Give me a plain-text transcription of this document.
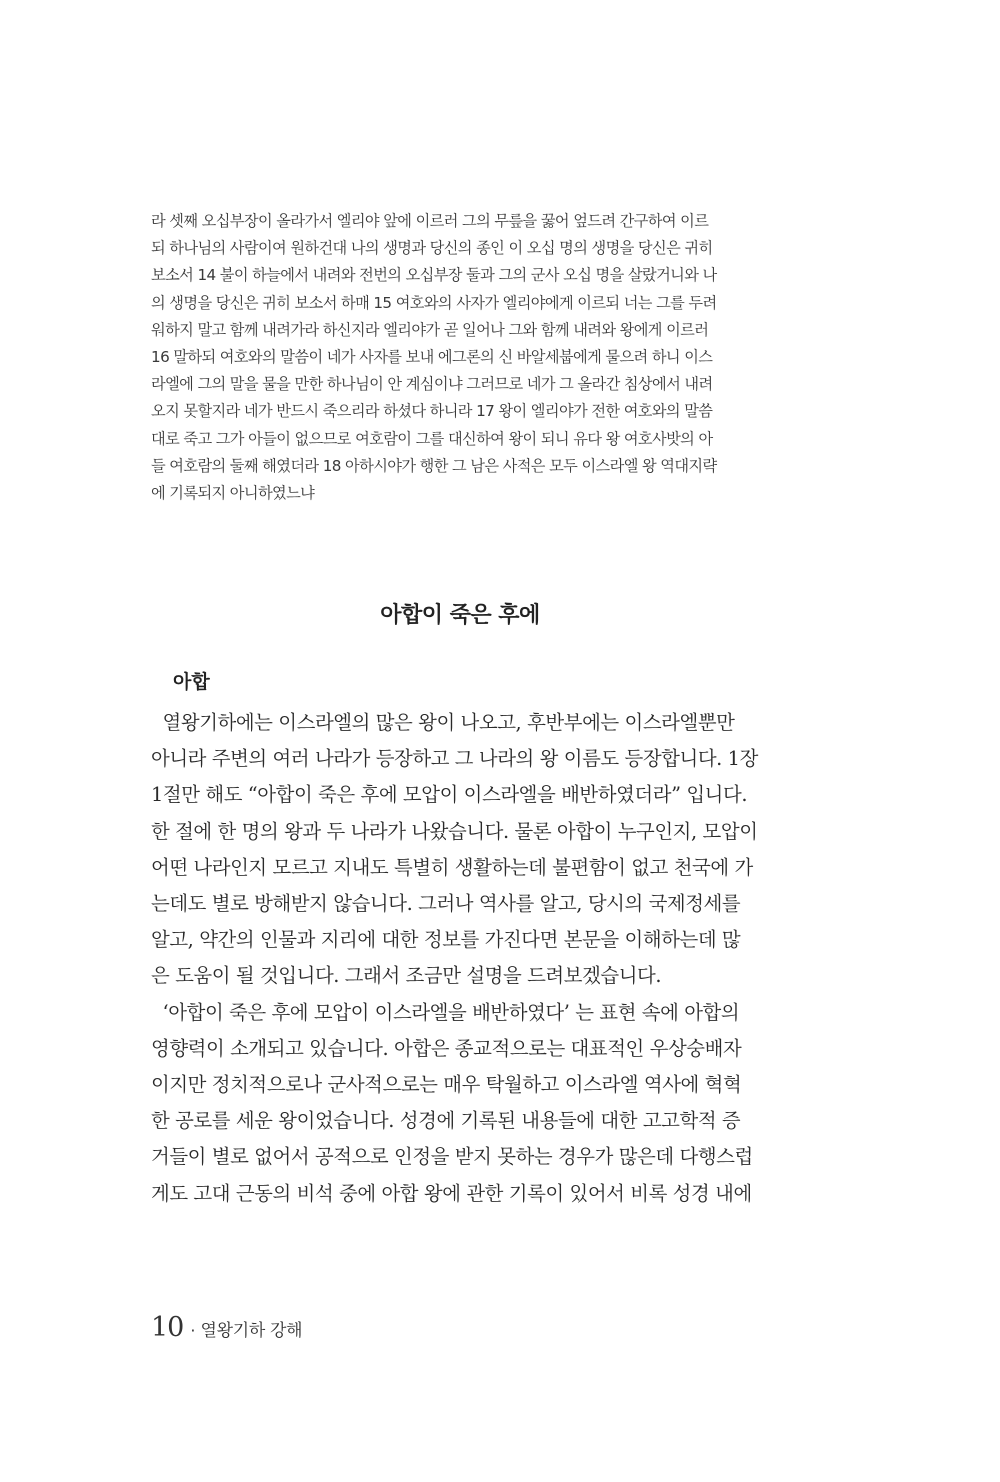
라 셋째 오십부장이 올라가서 엘리야 앞에 이르러 그의 무릎을 꿇어 엎드려 간구하여 이르
되 하나님의 사람이여 원하건대 나의 생명과 당신의 종인 이 오십 명의 생명을 당신은 귀히
보소서 14 불이 하늘에서 내려와 전번의 오십부장 둘과 그의 군사 오십 명을 살랐거니와 나
의 생명을 당신은 귀히 보소서 하매 15 여호와의 사자가 엘리야에게 이르되 너는 그를 두려
워하지 말고 함께 내려가라 하신지라 엘리야가 곧 일어나 그와 함께 내려와 왕에게 이르러
16 말하되 여호와의 말씀이 네가 사자를 보내 에그론의 신 바알세붑에게 물으려 하니 이스
라엘에 그의 말을 물을 만한 하나님이 안 계심이냐 그러므로 네가 그 올라간 침상에서 내려
오지 못할지라 네가 반드시 죽으리라 하셨다 하니라 17 왕이 엘리야가 전한 여호와의 말씀
대로 죽고 그가 아들이 없으므로 여호람이 그를 대신하여 왕이 되니 유다 왕 여호사밧의 아
들 여호람의 둘째 해였더라 18 아하시야가 행한 그 남은 사적은 모두 이스라엘 왕 역대지략
에 기록되지 아니하였느냐
아합이 죽은 후에
아합
열왕기하에는 이스라엘의 많은 왕이 나오고, 후반부에는 이스라엘뿐만
아니라 주변의 여러 나라가 등장하고 그 나라의 왕 이름도 등장합니다. 1장
1절만 해도 “아합이 죽은 후에 모압이 이스라엘을 배반하였더라” 입니다.
한 절에 한 명의 왕과 두 나라가 나왔습니다. 물론 아합이 누구인지, 모압이
어떤 나라인지 모르고 지내도 특별히 생활하는데 불편함이 없고 천국에 가
는데도 별로 방해받지 않습니다. 그러나 역사를 알고, 당시의 국제정세를
알고, 약간의 인물과 지리에 대한 정보를 가진다면 본문을 이해하는데 많
은 도움이 될 것입니다. 그래서 조금만 설명을 드려보겠습니다.
‘아합이 죽은 후에 모압이 이스라엘을 배반하였다’ 는 표현 속에 아합의
영향력이 소개되고 있습니다. 아합은 종교적으로는 대표적인 우상숭배자
이지만 정치적으로나 군사적으로는 매우 탁월하고 이스라엘 역사에 혁혁
한 공로를 세운 왕이었습니다. 성경에 기록된 내용들에 대한 고고학적 증
거들이 별로 없어서 공적으로 인정을 받지 못하는 경우가 많은데 다행스럽
게도 고대 근동의 비석 중에 아합 왕에 관한 기록이 있어서 비록 성경 내에
10 · 열왕기하 강해
